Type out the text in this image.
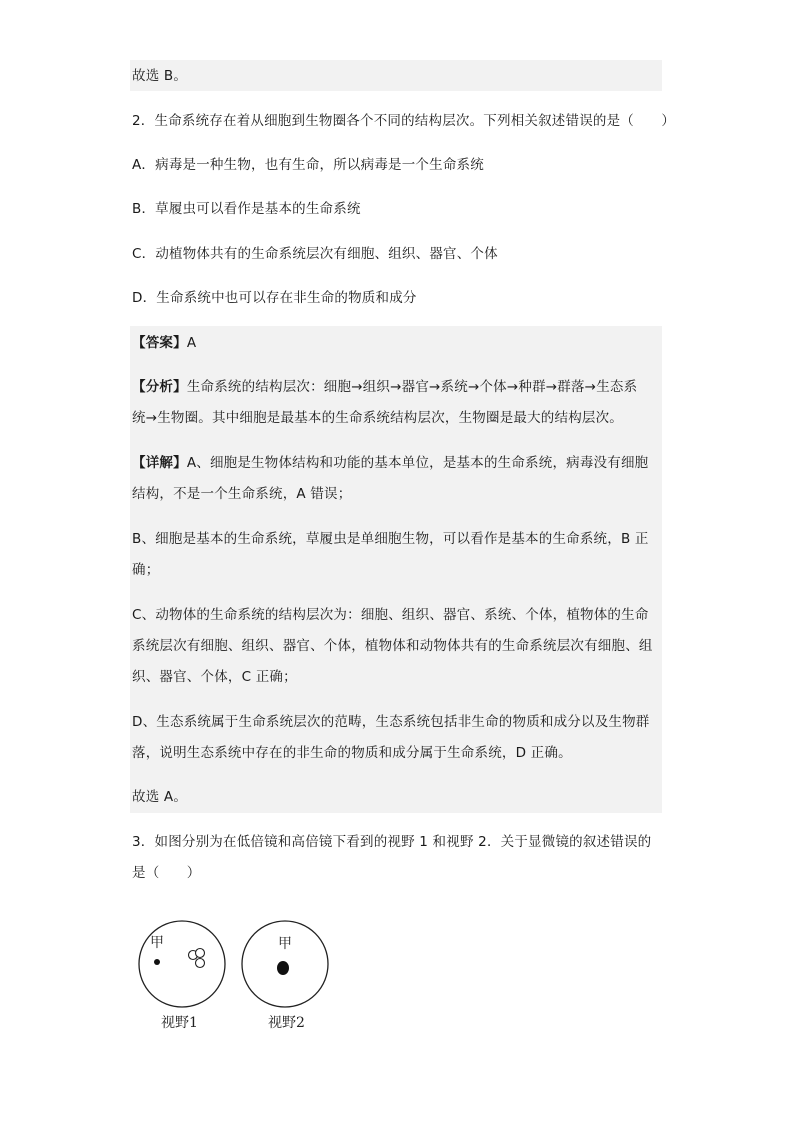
故选 B。
2．生命系统存在着从细胞到生物圈各个不同的结构层次。下列相关叙述错误的是（　　）
A．病毒是一种生物，也有生命，所以病毒是一个生命系统
B．草履虫可以看作是基本的生命系统
C．动植物体共有的生命系统层次有细胞、组织、器官、个体
D．生命系统中也可以存在非生命的物质和成分
【答案】A
【分析】生命系统的结构层次：细胞→组织→器官→系统→个体→种群→群落→生态系
统→生物圈。其中细胞是最基本的生命系统结构层次，生物圈是最大的结构层次。
【详解】A、细胞是生物体结构和功能的基本单位，是基本的生命系统，病毒没有细胞
结构，不是一个生命系统，A 错误；
B、细胞是基本的生命系统，草履虫是单细胞生物，可以看作是基本的生命系统，B 正
确；
C、动物体的生命系统的结构层次为：细胞、组织、器官、系统、个体，植物体的生命
系统层次有细胞、组织、器官、个体，植物体和动物体共有的生命系统层次有细胞、组
织、器官、个体，C 正确；
D、生态系统属于生命系统层次的范畴，生态系统包括非生命的物质和成分以及生物群
落，说明生态系统中存在的非生命的物质和成分属于生命系统，D 正确。
故选 A。
3．如图分别为在低倍镜和高倍镜下看到的视野 1 和视野 2．关于显微镜的叙述错误的
是（　　）
甲
视野1
甲
视野2
